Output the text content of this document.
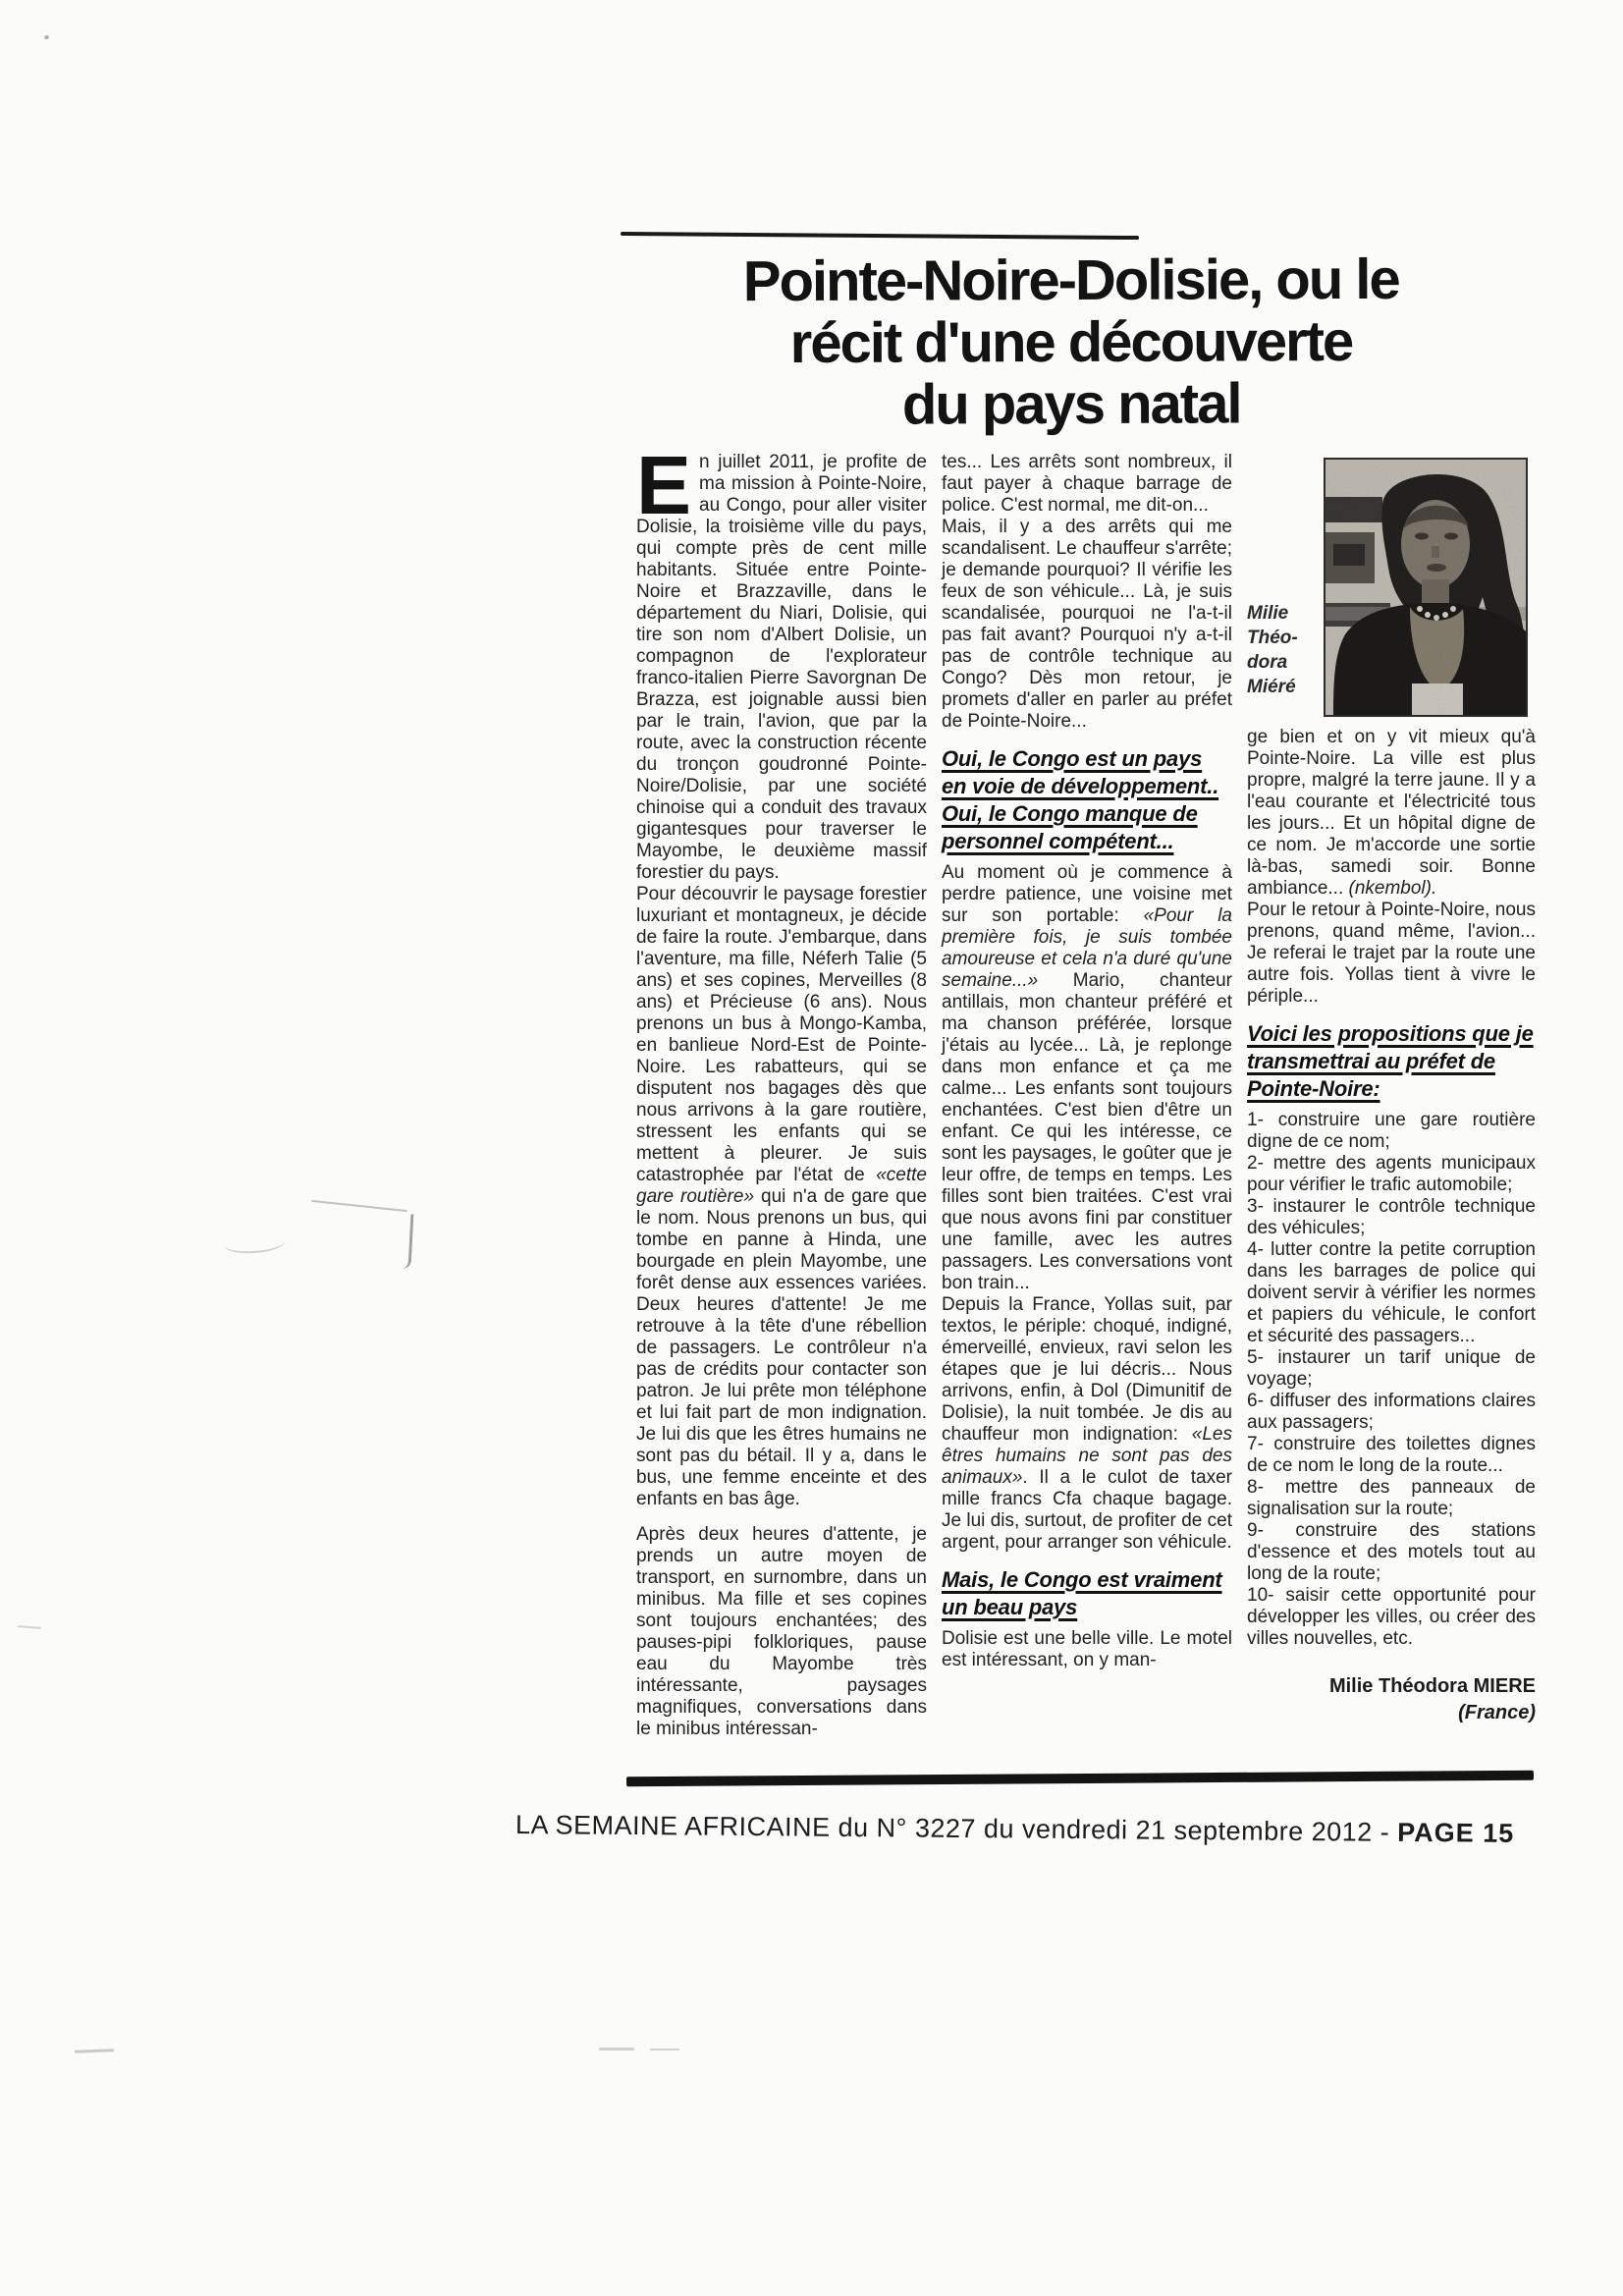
Pointe-Noire-Dolisie, ou le
récit d'une découverte
du pays natal

En juillet 2011, je profite de ma mission à Pointe-Noire, au Congo, pour aller visiter Dolisie, la troisième ville du pays, qui compte près de cent mille habitants. Située entre Pointe-Noire et Brazzaville, dans le département du Niari, Dolisie, qui tire son nom d'Albert Dolisie, un compagnon de l'explorateur franco-italien Pierre Savorgnan De Brazza, est joignable aussi bien par le train, l'avion, que par la route, avec la construction récente du tronçon goudronné Pointe-Noire/Dolisie, par une société chinoise qui a conduit des travaux gigantesques pour traverser le Mayombe, le deuxième massif forestier du pays.

Pour découvrir le paysage forestier luxuriant et montagneux, je décide de faire la route. J'embarque, dans l'aventure, ma fille, Néferh Talie (5 ans) et ses copines, Merveilles (8 ans) et Précieuse (6 ans). Nous prenons un bus à Mongo-Kamba, en banlieue Nord-Est de Pointe-Noire. Les rabatteurs, qui se disputent nos bagages dès que nous arrivons à la gare routière, stressent les enfants qui se mettent à pleurer. Je suis catastrophée par l'état de «cette gare routière» qui n'a de gare que le nom. Nous prenons un bus, qui tombe en panne à Hinda, une bourgade en plein Mayombe, une forêt dense aux essences variées. Deux heures d'attente! Je me retrouve à la tête d'une rébellion de passagers. Le contrôleur n'a pas de crédits pour contacter son patron. Je lui prête mon téléphone et lui fait part de mon indignation. Je lui dis que les êtres humains ne sont pas du bétail. Il y a, dans le bus, une femme enceinte et des enfants en bas âge.

Après deux heures d'attente, je prends un autre moyen de transport, en surnombre, dans un minibus. Ma fille et ses copines sont toujours enchantées; des pauses-pipi folkloriques, pause eau du Mayombe très intéressante, paysages magnifiques, conversations dans le minibus intéressan-

tes... Les arrêts sont nombreux, il faut payer à chaque barrage de police. C'est normal, me dit-on...

Mais, il y a des arrêts qui me scandalisent. Le chauffeur s'arrête; je demande pourquoi? Il vérifie les feux de son véhicule... Là, je suis scandalisée, pourquoi ne l'a-t-il pas fait avant? Pourquoi n'y a-t-il pas de contrôle technique au Congo? Dès mon retour, je promets d'aller en parler au préfet de Pointe-Noire...

Oui, le Congo est un pays en voie de développement.. Oui, le Congo manque de personnel compétent...

Au moment où je commence à perdre patience, une voisine met sur son portable: «Pour la première fois, je suis tombée amoureuse et cela n'a duré qu'une semaine...» Mario, chanteur antillais, mon chanteur préféré et ma chanson préférée, lorsque j'étais au lycée... Là, je replonge dans mon enfance et ça me calme... Les enfants sont toujours enchantées. C'est bien d'être un enfant. Ce qui les intéresse, ce sont les paysages, le goûter que je leur offre, de temps en temps. Les filles sont bien traitées. C'est vrai que nous avons fini par constituer une famille, avec les autres passagers. Les conversations vont bon train...

Depuis la France, Yollas suit, par textos, le périple: choqué, indigné, émerveillé, envieux, ravi selon les étapes que je lui décris... Nous arrivons, enfin, à Dol (Dimunitif de Dolisie), la nuit tombée. Je dis au chauffeur mon indignation: «Les êtres humains ne sont pas des animaux». Il a le culot de taxer mille francs Cfa chaque bagage. Je lui dis, surtout, de profiter de cet argent, pour arranger son véhicule.

Mais, le Congo est vraiment un beau pays

Dolisie est une belle ville. Le motel est intéressant, on y man-

Milie
Théo-
dora
Miéré

ge bien et on y vit mieux qu'à Pointe-Noire. La ville est plus propre, malgré la terre jaune. Il y a l'eau courante et l'électricité tous les jours... Et un hôpital digne de ce nom. Je m'accorde une sortie là-bas, samedi soir. Bonne ambiance... (nkembol).

Pour le retour à Pointe-Noire, nous prenons, quand même, l'avion... Je referai le trajet par la route une autre fois. Yollas tient à vivre le périple...

Voici les propositions que je transmettrai au préfet de Pointe-Noire:

1- construire une gare routière digne de ce nom;

2- mettre des agents municipaux pour vérifier le trafic automobile;

3- instaurer le contrôle technique des véhicules;

4- lutter contre la petite corruption dans les barrages de police qui doivent servir à vérifier les normes et papiers du véhicule, le confort et sécurité des passagers...

5- instaurer un tarif unique de voyage;

6- diffuser des informations claires aux passagers;

7- construire des toilettes dignes de ce nom le long de la route...

8- mettre des panneaux de signalisation sur la route;

9- construire des stations d'essence et des motels tout au long de la route;

10- saisir cette opportunité pour développer les villes, ou créer des villes nouvelles, etc.

Milie Théodora MIERE
(France)

LA SEMAINE AFRICAINE du N° 3227 du vendredi 21 septembre 2012 - PAGE 15
